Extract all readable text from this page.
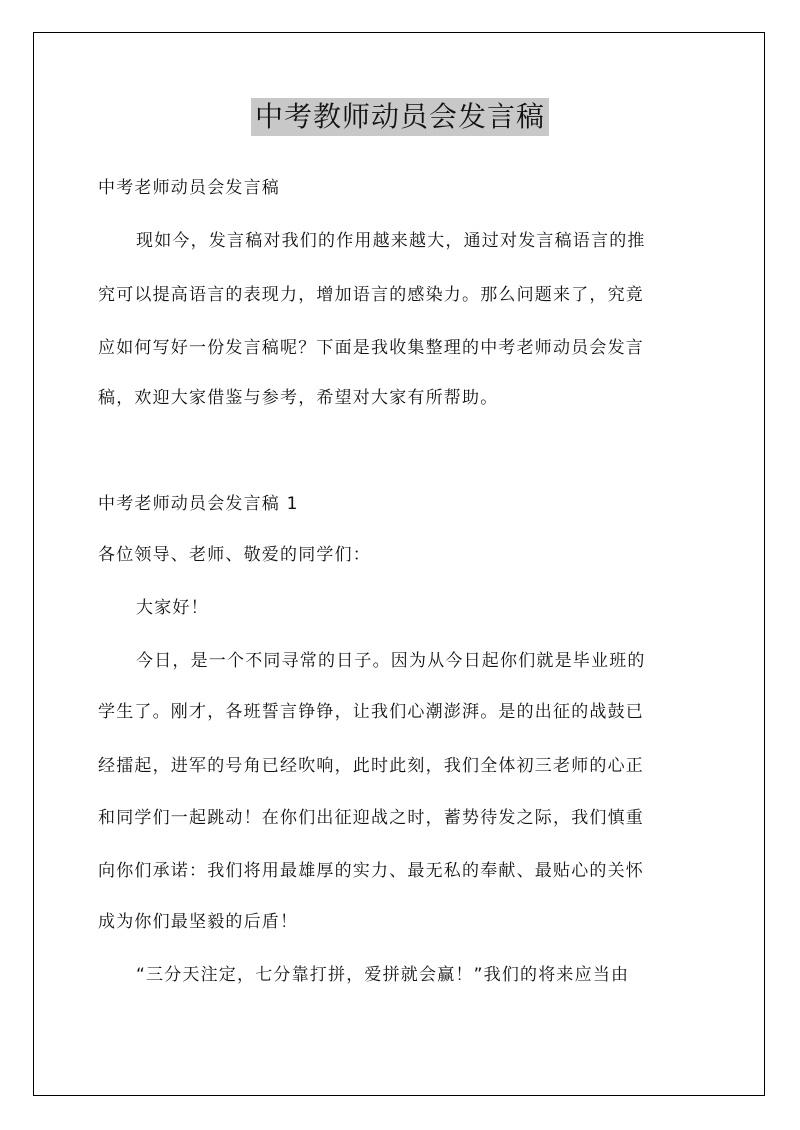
中考教师动员会发言稿
中考老师动员会发言稿
现如今，发言稿对我们的作用越来越大，通过对发言稿语言的推
究可以提高语言的表现力，增加语言的感染力。那么问题来了，究竟
应如何写好一份发言稿呢？下面是我收集整理的中考老师动员会发言
稿，欢迎大家借鉴与参考，希望对大家有所帮助。
中考老师动员会发言稿 1
各位领导、老师、敬爱的同学们：
大家好！
今日，是一个不同寻常的日子。因为从今日起你们就是毕业班的
学生了。刚才，各班誓言铮铮，让我们心潮澎湃。是的出征的战鼓已
经擂起，进军的号角已经吹响，此时此刻，我们全体初三老师的心正
和同学们一起跳动！在你们出征迎战之时，蓄势待发之际，我们慎重
向你们承诺：我们将用最雄厚的实力、最无私的奉献、最贴心的关怀
成为你们最坚毅的后盾！
“三分天注定，七分靠打拼，爱拼就会赢！”我们的将来应当由
